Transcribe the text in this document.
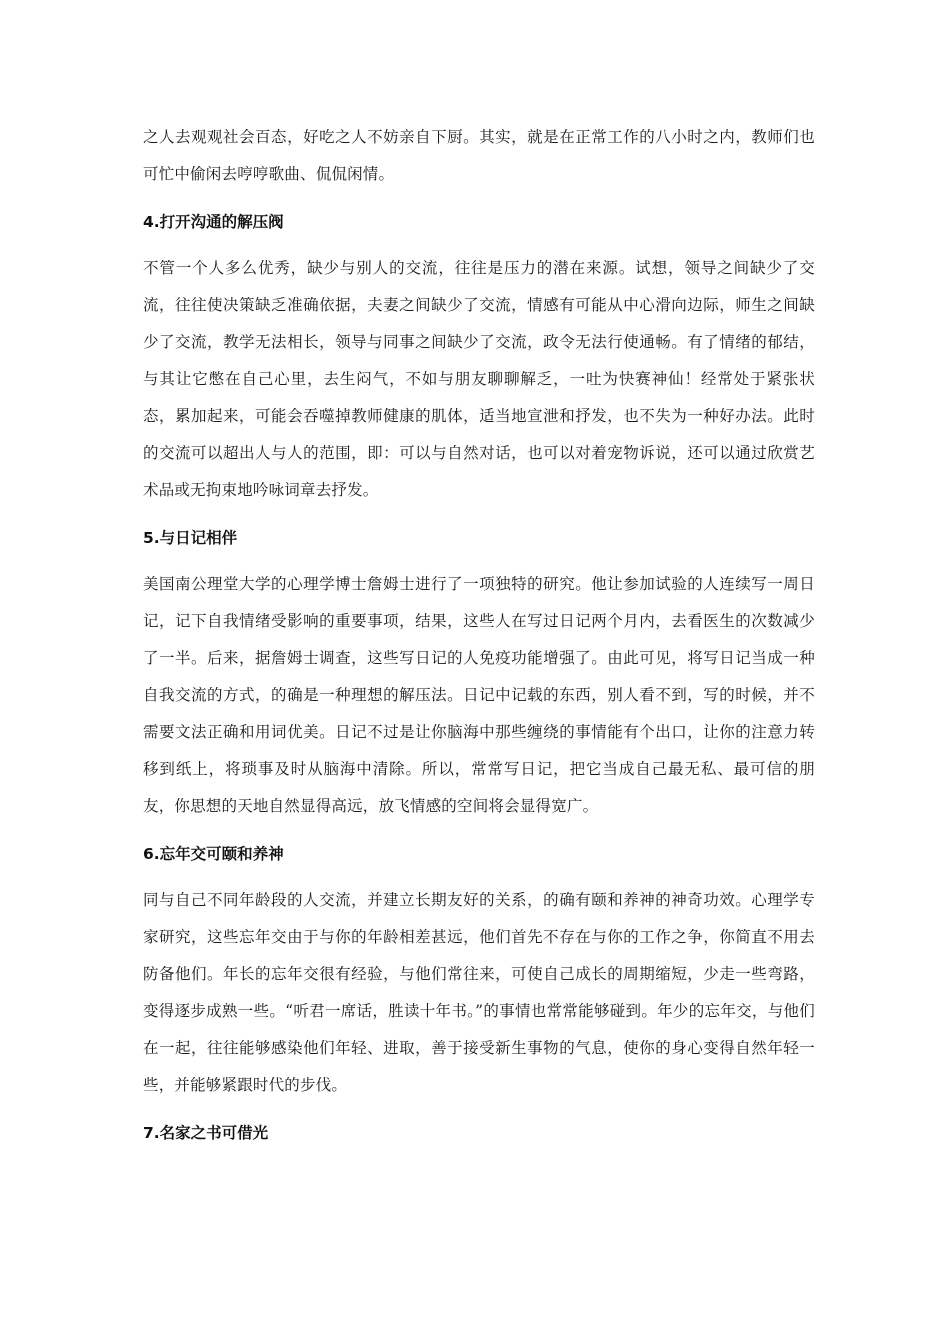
之人去观观社会百态，好吃之人不妨亲自下厨。其实，就是在正常工作的八小时之内，教师们也可忙中偷闲去哼哼歌曲、侃侃闲情。

4.打开沟通的解压阀

不管一个人多么优秀，缺少与别人的交流，往往是压力的潜在来源。试想，领导之间缺少了交流，往往使决策缺乏准确依据，夫妻之间缺少了交流，情感有可能从中心滑向边际，师生之间缺少了交流，教学无法相长，领导与同事之间缺少了交流，政令无法行使通畅。有了情绪的郁结，与其让它憋在自己心里，去生闷气，不如与朋友聊聊解乏，一吐为快赛神仙！经常处于紧张状态，累加起来，可能会吞噬掉教师健康的肌体，适当地宣泄和抒发，也不失为一种好办法。此时的交流可以超出人与人的范围，即：可以与自然对话，也可以对着宠物诉说，还可以通过欣赏艺术品或无拘束地吟咏词章去抒发。

5.与日记相伴

美国南公理堂大学的心理学博士詹姆士进行了一项独特的研究。他让参加试验的人连续写一周日记，记下自我情绪受影响的重要事项，结果，这些人在写过日记两个月内，去看医生的次数减少了一半。后来，据詹姆士调查，这些写日记的人免疫功能增强了。由此可见，将写日记当成一种自我交流的方式，的确是一种理想的解压法。日记中记载的东西，别人看不到，写的时候，并不需要文法正确和用词优美。日记不过是让你脑海中那些缠绕的事情能有个出口，让你的注意力转移到纸上，将琐事及时从脑海中清除。所以，常常写日记，把它当成自己最无私、最可信的朋友，你思想的天地自然显得高远，放飞情感的空间将会显得宽广。

6.忘年交可颐和养神

同与自己不同年龄段的人交流，并建立长期友好的关系，的确有颐和养神的神奇功效。心理学专家研究，这些忘年交由于与你的年龄相差甚远，他们首先不存在与你的工作之争，你简直不用去防备他们。年长的忘年交很有经验，与他们常往来，可使自己成长的周期缩短，少走一些弯路，变得逐步成熟一些。“听君一席话，胜读十年书。”的事情也常常能够碰到。年少的忘年交，与他们在一起，往往能够感染他们年轻、进取，善于接受新生事物的气息，使你的身心变得自然年轻一些，并能够紧跟时代的步伐。

7.名家之书可借光
